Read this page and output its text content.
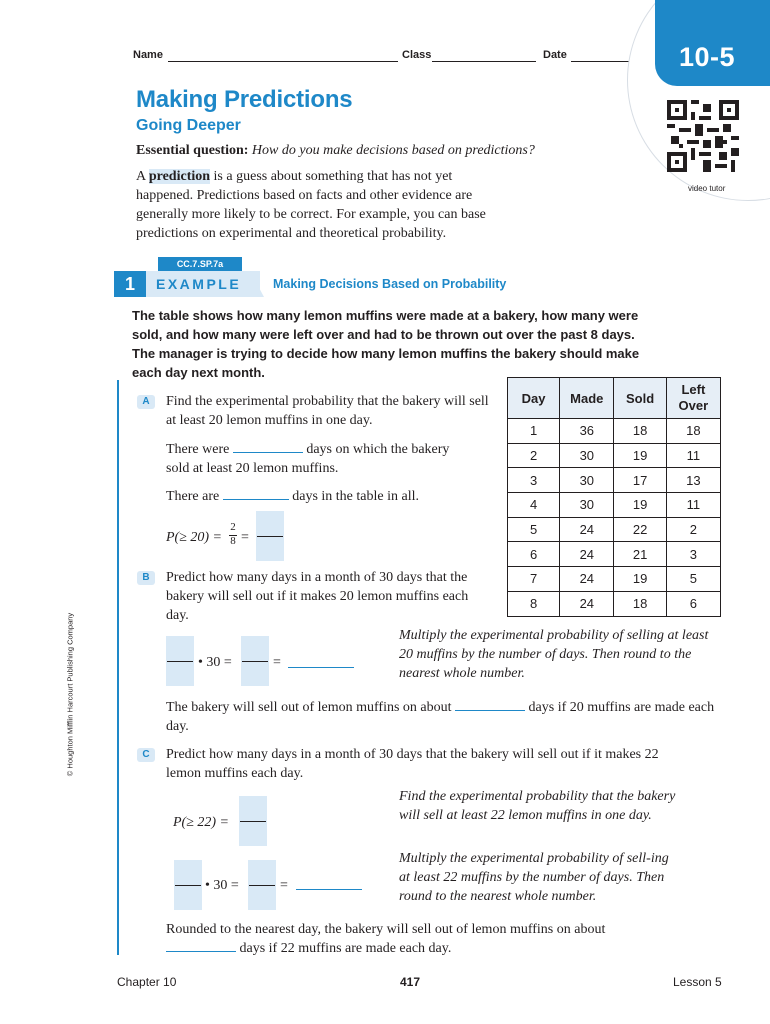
Name	Class	Date	10-5
video tutor
Making Predictions
Going Deeper
Essential question: How do you make decisions based on predictions?
A prediction is a guess about something that has not yet happened. Predictions based on facts and other evidence are generally more likely to be correct. For example, you can base predictions on experimental and theoretical probability.
CC.7.SP.7a
1	EXAMPLE	Making Decisions Based on Probability
The table shows how many lemon muffins were made at a bakery, how many were sold, and how many were left over and had to be thrown out over the past 8 days. The manager is trying to decide how many lemon muffins the bakery should make each day next month.
Day	Made	Sold	Left Over
1	36	18	18
2	30	19	11
3	30	17	13
4	30	19	11
5	24	22	2
6	24	21	3
7	24	19	5
8	24	18	6
© Houghton Mifflin Harcourt Publishing Company
A	Find the experimental probability that the bakery will sell at least 20 lemon muffins in one day.
There were	days on which the bakery sold at least 20 lemon muffins.
There are	days in the table in all.
P(≥ 20) =
2
8 =
B	Predict how many days in a month of 30 days that the bakery will sell out if it makes 20 lemon muffins each day.
• 30 =	=
Multiply the experimental probability of selling at least 20 muffins by the number of days. Then round to the nearest whole number.
The bakery will sell out of lemon muffins on about	days if 20 muffins are made each day.
C	Predict how many days in a month of 30 days that the bakery will sell out if it makes 22 lemon muffins each day.
P(≥ 22) =
Find the experimental probability that the bakery will sell at least 22 lemon muffins in one day.
• 30 =	=
Multiply the experimental probability of sell-ing at least 22 muffins by the number of days. Then round to the nearest whole number.
Rounded to the nearest day, the bakery will sell out of lemon muffins on about  days if 22 muffins are made each day.
Chapter 10	417	Lesson 5
